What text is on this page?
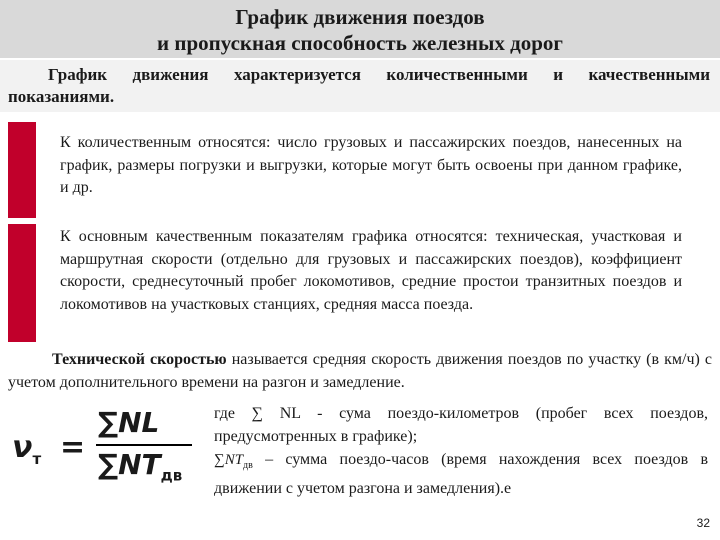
График движения поездов
и пропускная способность железных дорог
График движения характеризуется количественными и качественными показаниями.
К количественным относятся: число грузовых и пассажирских поездов, нанесенных на график, размеры погрузки и выгрузки, которые могут быть освоены при данном графике, и др.
К основным качественным показателям графика относятся: техническая, участковая и маршрутная скорости (отдельно для грузовых и пассажирских поездов), коэффициент скорости, среднесуточный пробег локомотивов, средние простои транзитных поездов и локомотивов на участковых станциях, средняя масса поезда.
Технической скоростью называется средняя скорость движения поездов по участку (в км/ч) с учетом дополнительного времени на разгон и замедление.
$\nu_т$ =
∑NL
$\sum NT_{дв}$
где ∑ NL - сума поездо-километров (пробег всех поездов, предусмотренных в графике);
$\sum NT_{дв}$ – сумма поездо-часов (время нахождения всех поездов в движении с учетом разгона и замедления).е
32
